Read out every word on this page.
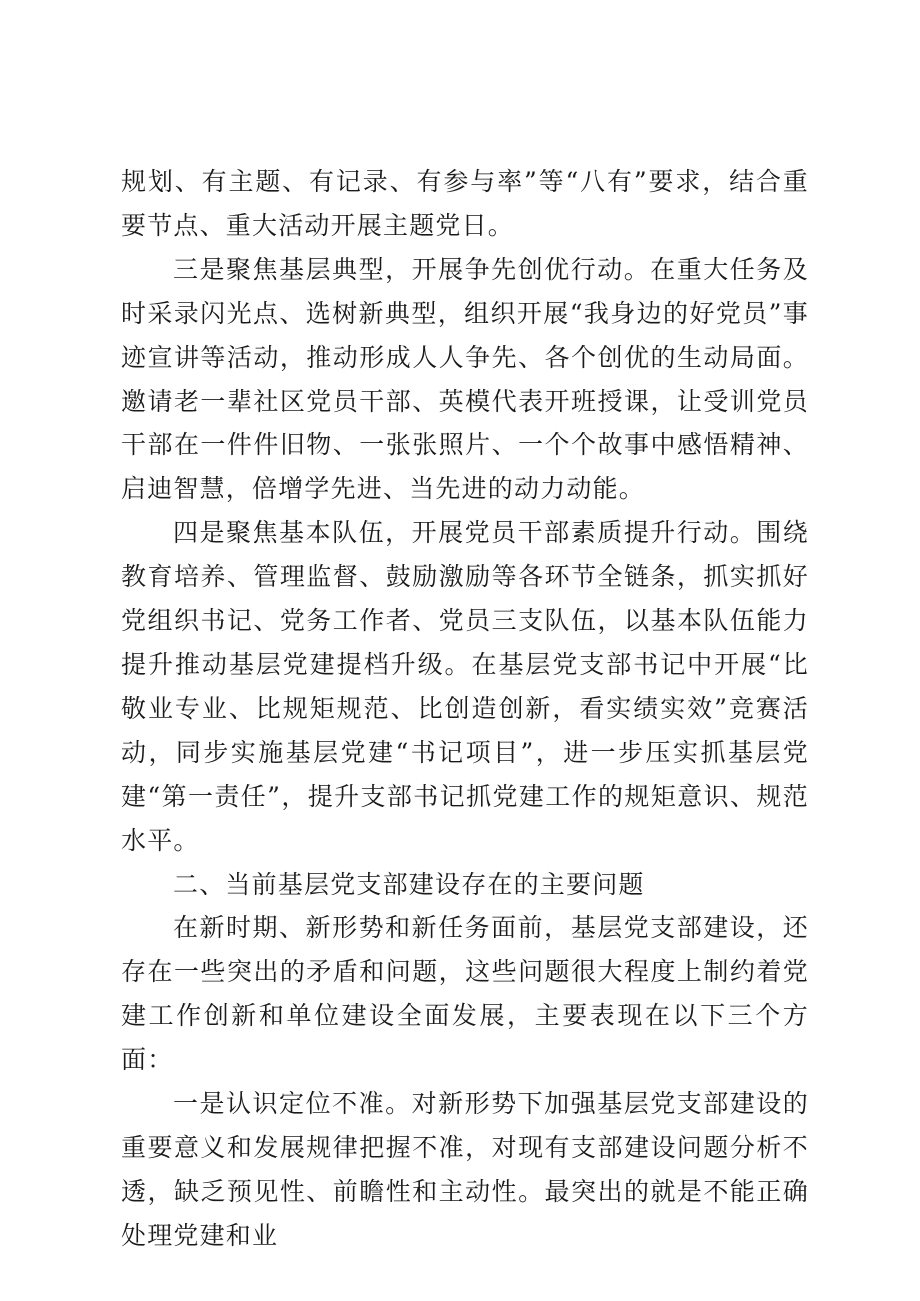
规划、有主题、有记录、有参与率”等“八有”要求，结合重要节点、重大活动开展主题党日。

三是聚焦基层典型，开展争先创优行动。在重大任务及时采录闪光点、选树新典型，组织开展“我身边的好党员”事迹宣讲等活动，推动形成人人争先、各个创优的生动局面。邀请老一辈社区党员干部、英模代表开班授课，让受训党员干部在一件件旧物、一张张照片、一个个故事中感悟精神、启迪智慧，倍增学先进、当先进的动力动能。

四是聚焦基本队伍，开展党员干部素质提升行动。围绕教育培养、管理监督、鼓励激励等各环节全链条，抓实抓好党组织书记、党务工作者、党员三支队伍，以基本队伍能力提升推动基层党建提档升级。在基层党支部书记中开展“比敬业专业、比规矩规范、比创造创新，看实绩实效”竞赛活动，同步实施基层党建“书记项目”，进一步压实抓基层党建“第一责任”，提升支部书记抓党建工作的规矩意识、规范水平。

二、当前基层党支部建设存在的主要问题

在新时期、新形势和新任务面前，基层党支部建设，还存在一些突出的矛盾和问题，这些问题很大程度上制约着党建工作创新和单位建设全面发展，主要表现在以下三个方面：

一是认识定位不准。对新形势下加强基层党支部建设的重要意义和发展规律把握不准，对现有支部建设问题分析不透，缺乏预见性、前瞻性和主动性。最突出的就是不能正确处理党建和业
